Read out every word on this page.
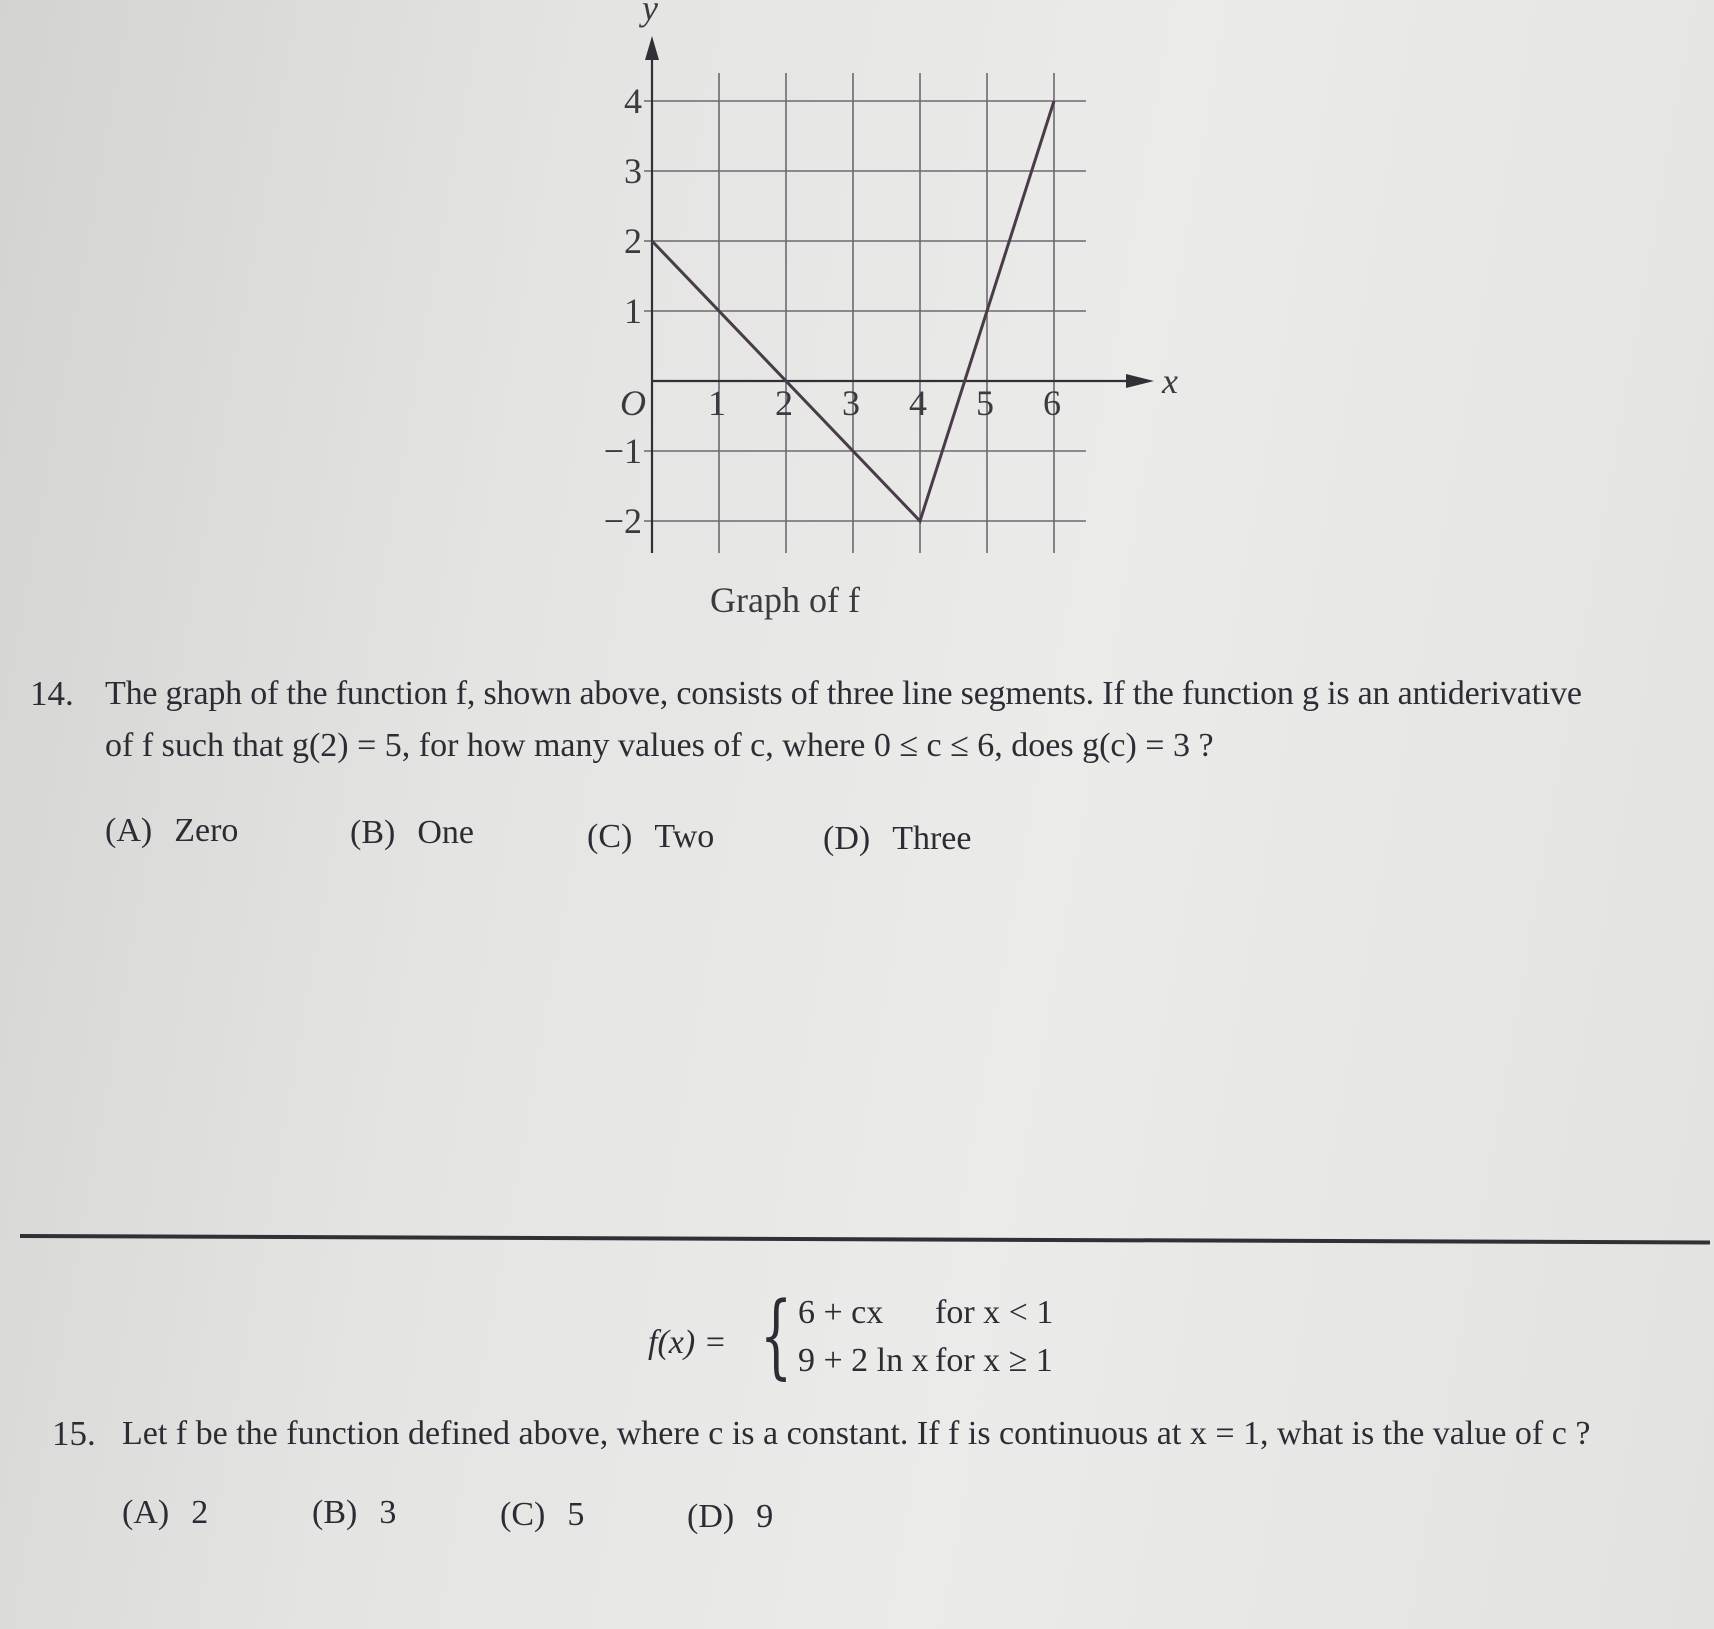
x
y
O 1 2 3 4 5 6
4
3
2
1
−1
−2
Graph of f
14. The graph of the function f, shown above, consists of three line segments. If the function g is an antiderivative
of f such that g(2) = 5, for how many values of c, where 0 ≤ c ≤ 6, does g(c) = 3 ?
(A) Zero	(B) One	(C) Two	(D) Three
f(x) = { 6 + cx for x < 1
9 + 2 ln x for x ≥ 1
15. Let f be the function defined above, where c is a constant. If f is continuous at x = 1, what is the value of c ?
(A) 2	(B) 3	(C) 5	(D) 9
